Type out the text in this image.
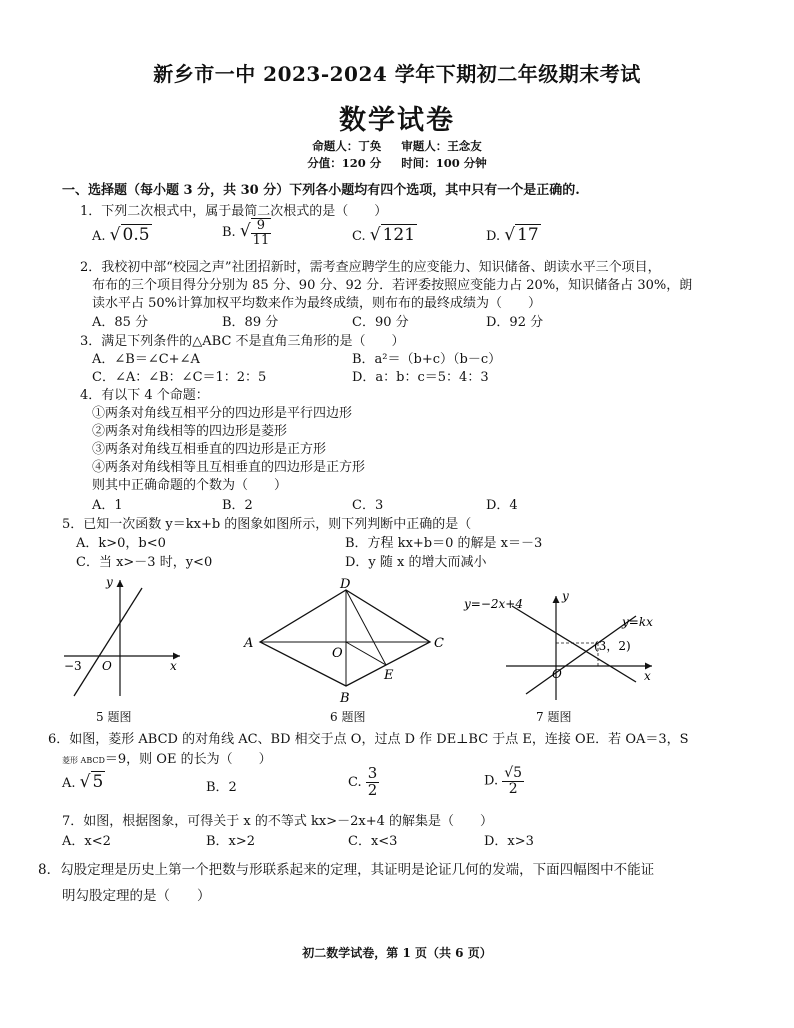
新乡市一中 2023-2024 学年下期初二年级期末考试
数学试卷
命题人：丁奂 审题人：王念友
分值：120 分 时间：100 分钟
一、选择题（每小题 3 分，共 30 分）下列各小题均有四个选项，其中只有一个是正确的.
1．下列二次根式中，属于最简二次根式的是（　　）
A. √ 0.5	B. √ $\frac{9}{11}$	C. √ 121	D. √ 17
2．我校初中部“校园之声”社团招新时，需考查应聘学生的应变能力、知识储备、朗读水平三个项目，
布布的三个项目得分分别为 85 分、90 分、92 分．若评委按照应变能力占 20%，知识储备占 30%，朗
读水平占 50%计算加权平均数来作为最终成绩，则布布的最终成绩为（　　）
A．85 分	B．89 分	C．90 分	D．92 分
3．满足下列条件的△ABC 不是直角三角形的是（　　）
A．∠B＝∠C+∠A	B．a²＝（b+c）（b－c）
C．∠A：∠B：∠C＝1：2：5	D．a：b：c＝5：4：3
4．有以下 4 个命题：
①两条对角线互相平分的四边形是平行四边形
②两条对角线相等的四边形是菱形
③两条对角线互相垂直的四边形是正方形
④两条对角线相等且互相垂直的四边形是正方形
则其中正确命题的个数为（　　）
A．1	B．2	C．3	D．4
5．已知一次函数 y＝kx+b 的图象如图所示，则下列判断中正确的是（
A．k>0，b<0	B．方程 kx+b＝0 的解是 x＝－3
C．当 x>－3 时，y<0	D．y 随 x 的增大而减小
y
x
−3 O
5 题图
A
D
C
B
E
O
6 题图
y=−2x+4
y=kx
(3，2)
y
x
O
7 题图
6．如图，菱形 ABCD 的对角线 AC、BD 相交于点 O，过点 D 作 DE⊥BC 于点 E，连接 OE．若 OA＝3，S
菱形 ABCD＝9，则 OE 的长为（　　）
A. √ 5	B．2	C. $\frac{3}{2}$	D. $\frac{√5}{2}$
7．如图，根据图象，可得关于 x 的不等式 kx>－2x+4 的解集是（　　）
A．x<2	B．x>2	C．x<3	D．x>3
8．勾股定理是历史上第一个把数与形联系起来的定理，其证明是论证几何的发端，下面四幅图中不能证
明勾股定理的是（　　）
初二数学试卷，第 1 页（共 6 页）
